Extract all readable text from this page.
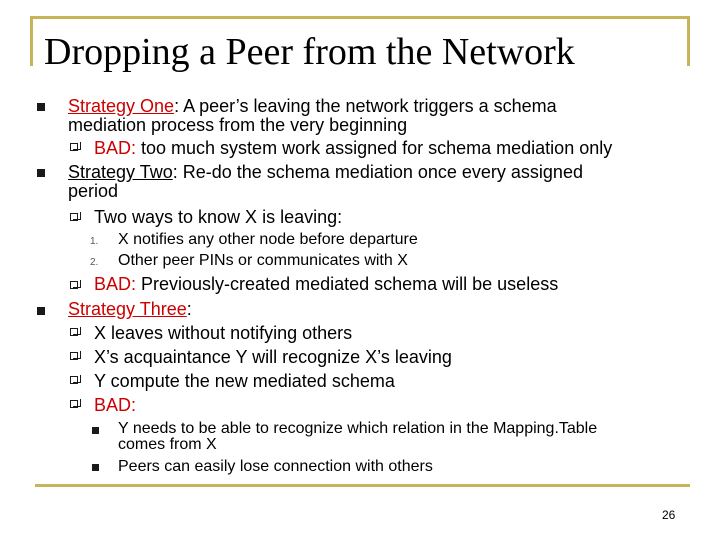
Dropping a Peer from the Network
Strategy One: A peer’s leaving the network triggers a schema
mediation process from the very beginning
BAD: too much system work assigned for schema mediation only
Strategy Two: Re-do the schema mediation once every assigned
period
Two ways to know X is leaving:
1. X notifies any other node before departure
2. Other peer PINs or communicates with X
BAD: Previously-created mediated schema will be useless
Strategy Three:
X leaves without notifying others
X’s acquaintance Y will recognize X’s leaving
Y compute the new mediated schema
BAD:
Y needs to be able to recognize which relation in the Mapping.Table
comes from X
Peers can easily lose connection with others
26
